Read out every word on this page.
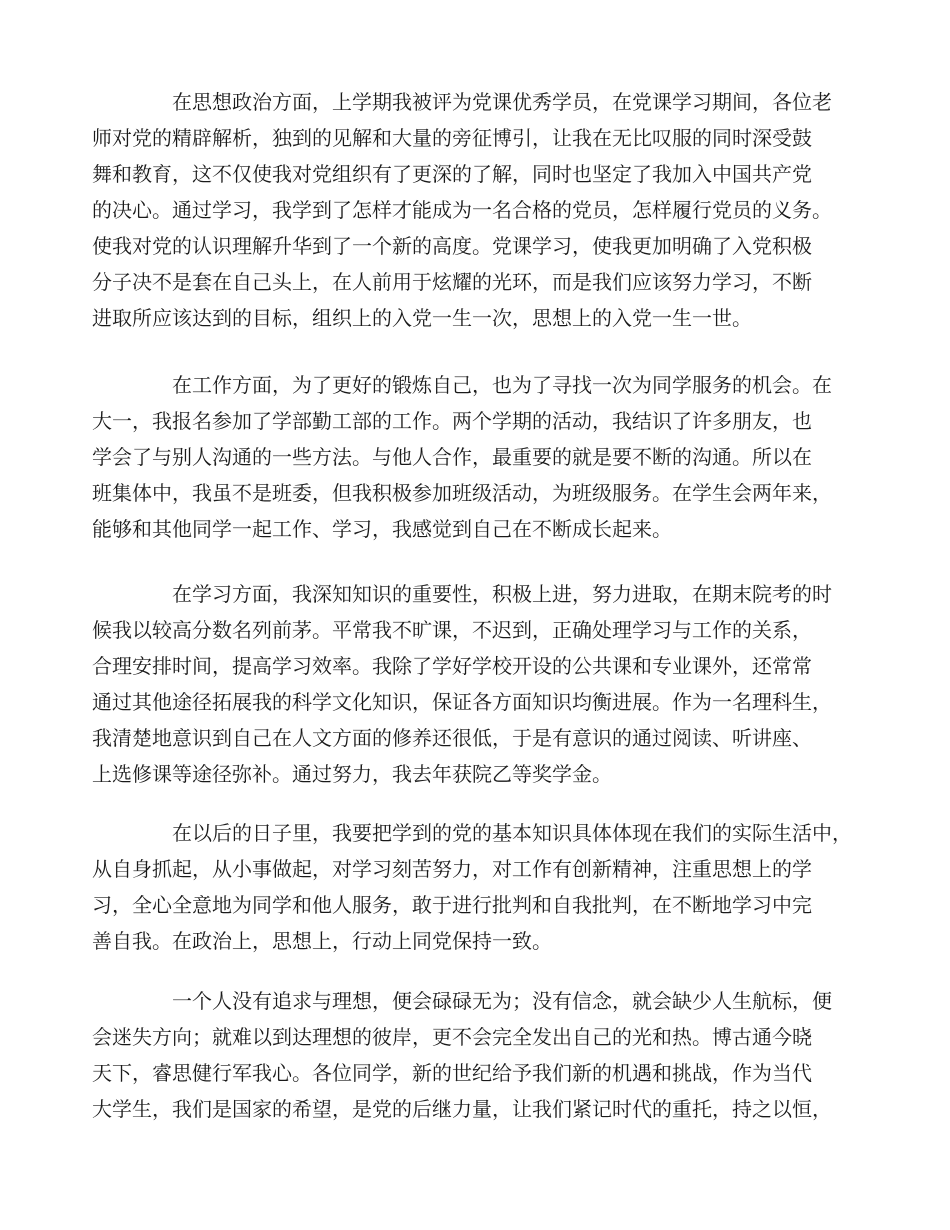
在思想政治方面，上学期我被评为党课优秀学员，在党课学习期间，各位老
师对党的精辟解析，独到的见解和大量的旁征博引，让我在无比叹服的同时深受鼓
舞和教育，这不仅使我对党组织有了更深的了解，同时也坚定了我加入中国共产党
的决心。通过学习，我学到了怎样才能成为一名合格的党员，怎样履行党员的义务。
使我对党的认识理解升华到了一个新的高度。党课学习，使我更加明确了入党积极
分子决不是套在自己头上，在人前用于炫耀的光环，而是我们应该努力学习，不断
进取所应该达到的目标，组织上的入党一生一次，思想上的入党一生一世。
在工作方面，为了更好的锻炼自己，也为了寻找一次为同学服务的机会。在
大一，我报名参加了学部勤工部的工作。两个学期的活动，我结识了许多朋友，也
学会了与别人沟通的一些方法。与他人合作，最重要的就是要不断的沟通。所以在
班集体中，我虽不是班委，但我积极参加班级活动，为班级服务。在学生会两年来，
能够和其他同学一起工作、学习，我感觉到自己在不断成长起来。
在学习方面，我深知知识的重要性，积极上进，努力进取，在期末院考的时
候我以较高分数名列前茅。平常我不旷课，不迟到，正确处理学习与工作的关系，
合理安排时间，提高学习效率。我除了学好学校开设的公共课和专业课外，还常常
通过其他途径拓展我的科学文化知识，保证各方面知识均衡进展。作为一名理科生，
我清楚地意识到自己在人文方面的修养还很低，于是有意识的通过阅读、听讲座、
上选修课等途径弥补。通过努力，我去年获院乙等奖学金。
在以后的日子里，我要把学到的党的基本知识具体体现在我们的实际生活中，
从自身抓起，从小事做起，对学习刻苦努力，对工作有创新精神，注重思想上的学
习，全心全意地为同学和他人服务，敢于进行批判和自我批判，在不断地学习中完
善自我。在政治上，思想上，行动上同党保持一致。
一个人没有追求与理想，便会碌碌无为；没有信念，就会缺少人生航标，便
会迷失方向；就难以到达理想的彼岸，更不会完全发出自己的光和热。博古通今晓
天下，睿思健行军我心。各位同学，新的世纪给予我们新的机遇和挑战，作为当代
大学生，我们是国家的希望，是党的后继力量，让我们紧记时代的重托，持之以恒，
